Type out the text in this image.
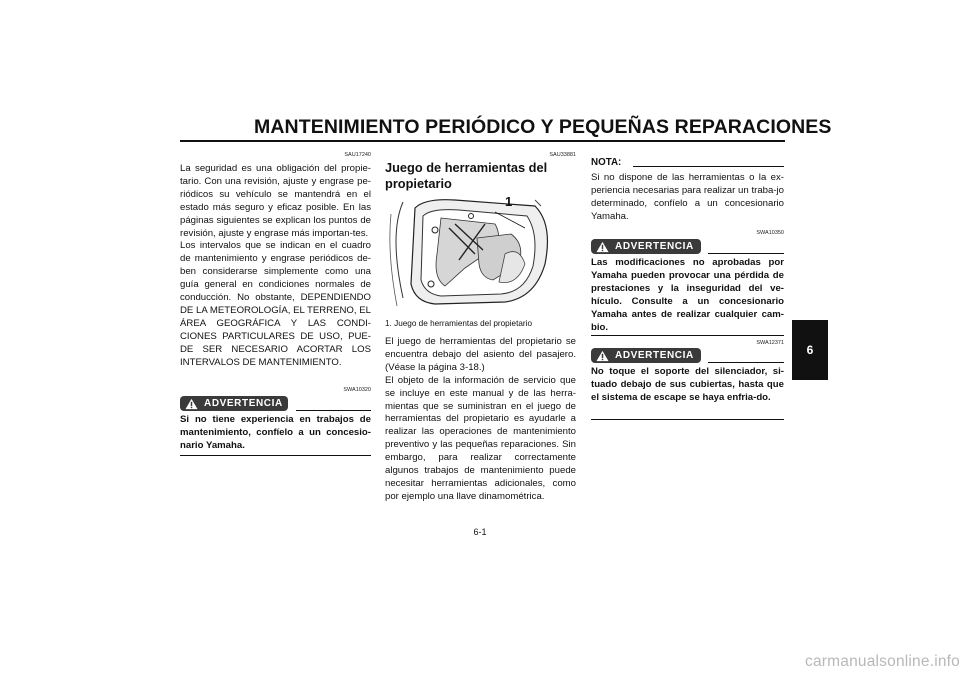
MANTENIMIENTO PERIÓDICO Y PEQUEÑAS REPARACIONES
SAU17240

La seguridad es una obligación del propie-tario. Con una revisión, ajuste y engrase pe-riódicos su vehículo se mantendrá en el estado más seguro y eficaz posible. En las páginas siguientes se explican los puntos de revisión, ajuste y engrase más importan-tes.

Los intervalos que se indican en el cuadro de mantenimiento y engrase periódicos de-ben considerarse simplemente como una guía general en condiciones normales de conducción. No obstante, DEPENDIENDO DE LA METEOROLOGÍA, EL TERRENO, EL ÁREA GEOGRÁFICA Y LAS CONDI-CIONES PARTICULARES DE USO, PUE-DE SER NECESARIO ACORTAR LOS INTERVALOS DE MANTENIMIENTO.

SWA10320
ADVERTENCIA
Si no tiene experiencia en trabajos de mantenimiento, confíelo a un concesio-nario Yamaha.
SAU33881
Juego de herramientas del propietario
1
1. Juego de herramientas del propietario

El juego de herramientas del propietario se encuentra debajo del asiento del pasajero. (Véase la página 3-18.)

El objeto de la información de servicio que se incluye en este manual y de las herra-mientas que se suministran en el juego de herramientas del propietario es ayudarle a realizar las operaciones de mantenimiento preventivo y las pequeñas reparaciones. Sin embargo, para realizar correctamente algunos trabajos de mantenimiento puede necesitar herramientas adicionales, como por ejemplo una llave dinamométrica.

NOTA:
Si no dispone de las herramientas o la ex-periencia necesarias para realizar un traba-jo determinado, confíelo a un concesionario Yamaha.
SWA10350
ADVERTENCIA
Las modificaciones no aprobadas por Yamaha pueden provocar una pérdida de prestaciones y la inseguridad del ve-hículo. Consulte a un concesionario Yamaha antes de realizar cualquier cam-bio.
SWA12371
ADVERTENCIA
No toque el soporte del silenciador, si-tuado debajo de sus cubiertas, hasta que el sistema de escape se haya enfria-do.
6
6-1
carmanualsonline.info
